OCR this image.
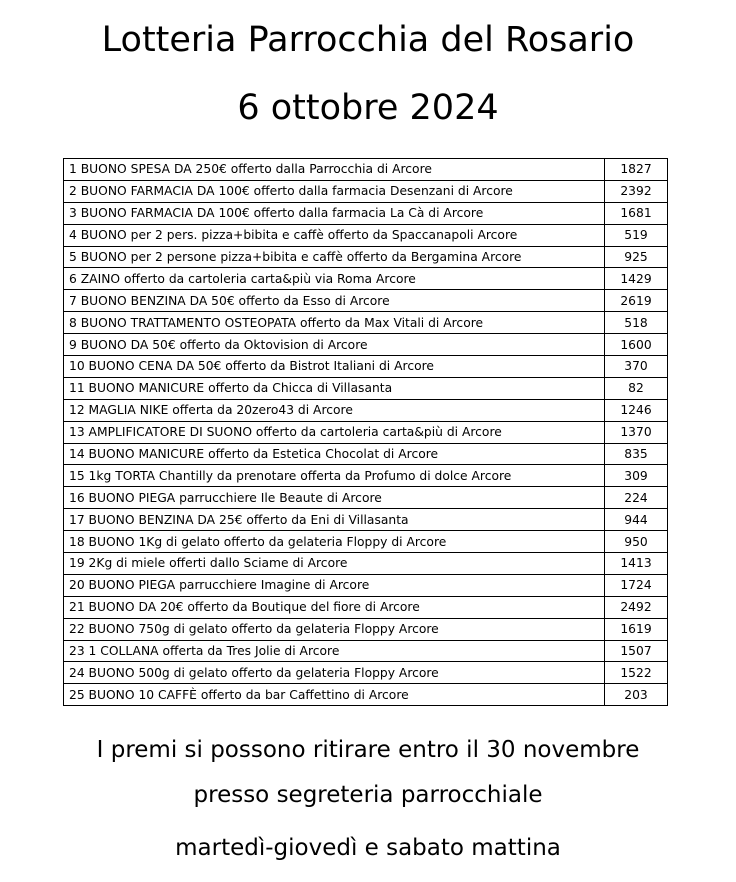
Lotteria Parrocchia del Rosario
6 ottobre 2024
1 BUONO SPESA DA 250€ offerto dalla Parrocchia di Arcore	1827
2 BUONO FARMACIA DA 100€ offerto dalla farmacia Desenzani di Arcore	2392
3 BUONO FARMACIA DA 100€ offerto dalla farmacia La Cà di Arcore	1681
4 BUONO per 2 pers. pizza+bibita e caffè offerto da Spaccanapoli Arcore	519
5 BUONO per 2 persone pizza+bibita e caffè offerto da Bergamina Arcore	925
6 ZAINO offerto da cartoleria carta&più via Roma Arcore	1429
7 BUONO BENZINA DA 50€ offerto da Esso di Arcore	2619
8 BUONO TRATTAMENTO OSTEOPATA offerto da Max Vitali di Arcore	518
9 BUONO DA 50€ offerto da Oktovision di Arcore	1600
10 BUONO CENA DA 50€ offerto da Bistrot Italiani di Arcore	370
11 BUONO MANICURE offerto da Chicca di Villasanta	82
12 MAGLIA NIKE offerta da 20zero43 di Arcore	1246
13 AMPLIFICATORE DI SUONO offerto da cartoleria carta&più di Arcore	1370
14 BUONO MANICURE offerto da Estetica Chocolat di Arcore	835
15 1kg TORTA Chantilly da prenotare offerta da Profumo di dolce Arcore	309
16 BUONO PIEGA parrucchiere Ile Beaute di Arcore	224
17 BUONO BENZINA DA 25€ offerto da Eni di Villasanta	944
18 BUONO 1Kg di gelato offerto da gelateria Floppy di Arcore	950
19 2Kg di miele offerti dallo Sciame di Arcore	1413
20 BUONO PIEGA parrucchiere Imagine di Arcore	1724
21 BUONO DA 20€ offerto da Boutique del fiore di Arcore	2492
22 BUONO 750g di gelato offerto da gelateria Floppy Arcore	1619
23 1 COLLANA offerta da Tres Jolie di Arcore	1507
24 BUONO 500g di gelato offerto da gelateria Floppy Arcore	1522
25 BUONO 10 CAFFÈ offerto da bar Caffettino di Arcore	203
I premi si possono ritirare entro il 30 novembre
presso segreteria parrocchiale
martedì-giovedì e sabato mattina
